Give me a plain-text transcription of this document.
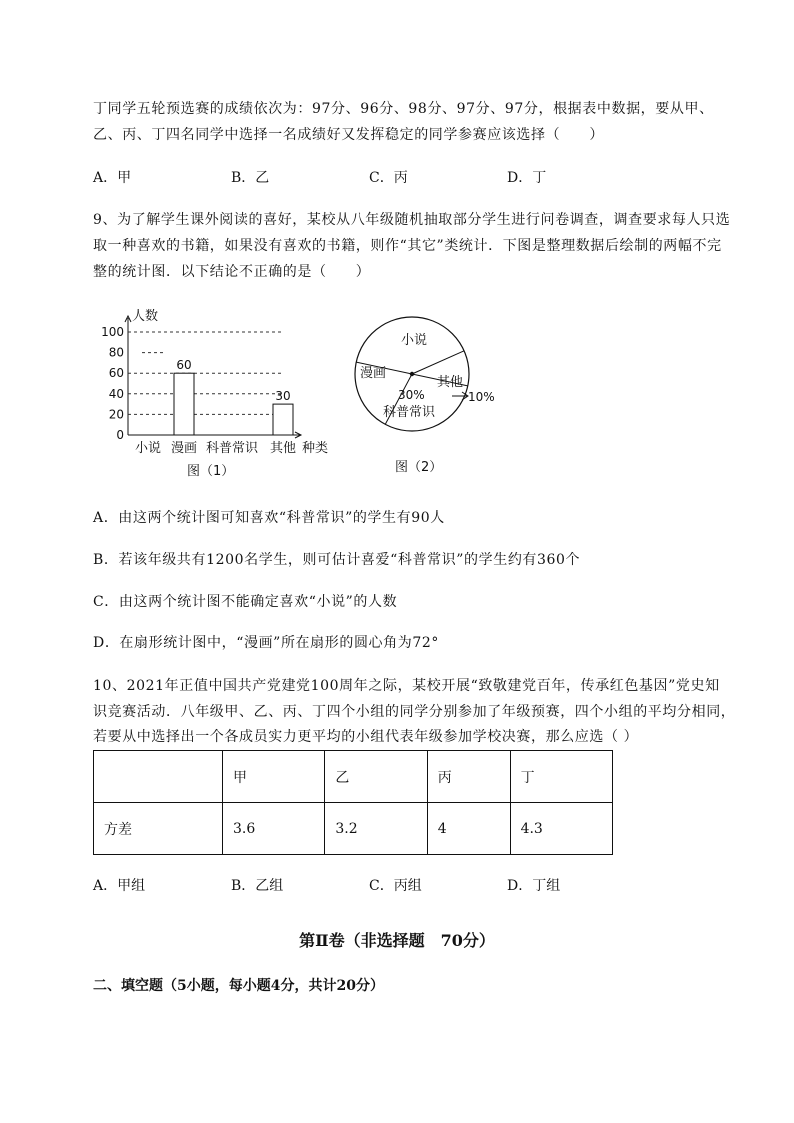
丁同学五轮预选赛的成绩依次为：97分、96分、98分、97分、97分，根据表中数据，要从甲、
乙、丙、丁四名同学中选择一名成绩好又发挥稳定的同学参赛应该选择（　　）
A．甲	B．乙	C．丙	D．丁
9、为了解学生课外阅读的喜好，某校从八年级随机抽取部分学生进行问卷调查，调查要求每人只选
取一种喜欢的书籍，如果没有喜欢的书籍，则作“其它”类统计．下图是整理数据后绘制的两幅不完
整的统计图．以下结论不正确的是（　　）
0
20
40
60
80
100
小说 漫画 科普常识 其他
60
30
人数
种类
图（1）
小说
漫画
科普常识
30%
其他
10%
图（2）
A．由这两个统计图可知喜欢“科普常识”的学生有90人
B．若该年级共有1200名学生，则可估计喜爱“科普常识”的学生约有360个
C．由这两个统计图不能确定喜欢“小说”的人数
D．在扇形统计图中，“漫画”所在扇形的圆心角为72°
10、2021年正值中国共产党建党100周年之际，某校开展“致敬建党百年，传承红色基因”党史知
识竞赛活动．八年级甲、乙、丙、丁四个小组的同学分别参加了年级预赛，四个小组的平均分相同，
若要从中选择出一个各成员实力更平均的小组代表年级参加学校决赛，那么应选（ ）
	甲	乙	丙	丁
方差	3.6	3.2	4	4.3
A．甲组	B．乙组	C．丙组	D．丁组
第Ⅱ卷（非选择题　70分）
二、填空题（5小题，每小题4分，共计20分）
